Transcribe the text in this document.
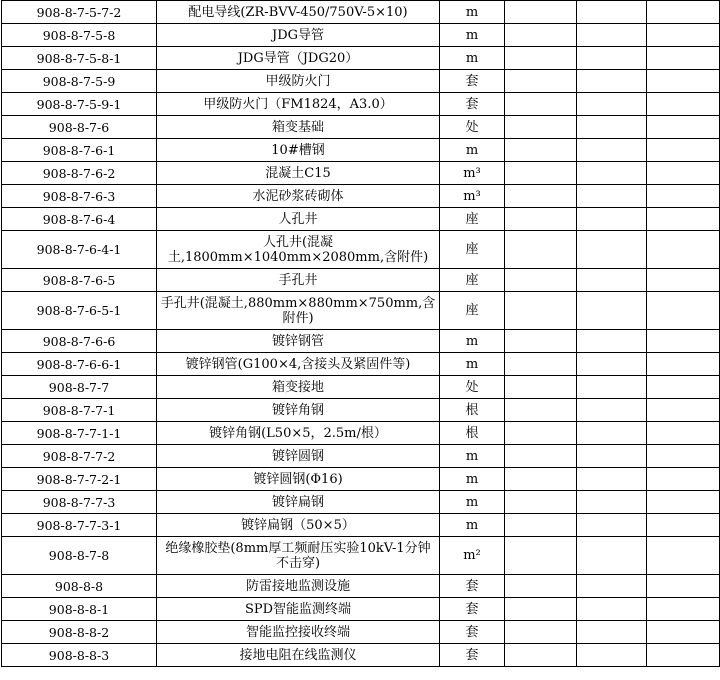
908-8-7-5-7-2	配电导线(ZR-BVV-450/750V-5×10)	m			
908-8-7-5-8	JDG导管	m			
908-8-7-5-8-1	JDG导管（JDG20）	m			
908-8-7-5-9	甲级防火门	套			
908-8-7-5-9-1	甲级防火门（FM1824，A3.0）	套			
908-8-7-6	箱变基础	处			
908-8-7-6-1	10#槽钢	m			
908-8-7-6-2	混凝土C15	m³			
908-8-7-6-3	水泥砂浆砖砌体	m³			
908-8-7-6-4	人孔井	座			
908-8-7-6-4-1	人孔井(混凝土,1800mm×1040mm×2080mm,含附件)	座			
908-8-7-6-5	手孔井	座			
908-8-7-6-5-1	手孔井(混凝土,880mm×880mm×750mm,含附件)	座			
908-8-7-6-6	镀锌钢管	m			
908-8-7-6-6-1	镀锌钢管(G100×4,含接头及紧固件等)	m			
908-8-7-7	箱变接地	处			
908-8-7-7-1	镀锌角钢	根			
908-8-7-7-1-1	镀锌角钢(L50×5，2.5m/根）	根			
908-8-7-7-2	镀锌圆钢	m			
908-8-7-7-2-1	镀锌圆钢(Φ16)	m			
908-8-7-7-3	镀锌扁钢	m			
908-8-7-7-3-1	镀锌扁钢（50×5）	m			
908-8-7-8	绝缘橡胶垫(8mm厚工频耐压实验10kV-1分钟不击穿)	m²			
908-8-8	防雷接地监测设施	套			
908-8-8-1	SPD智能监测终端	套			
908-8-8-2	智能监控接收终端	套			
908-8-8-3	接地电阻在线监测仪	套			
